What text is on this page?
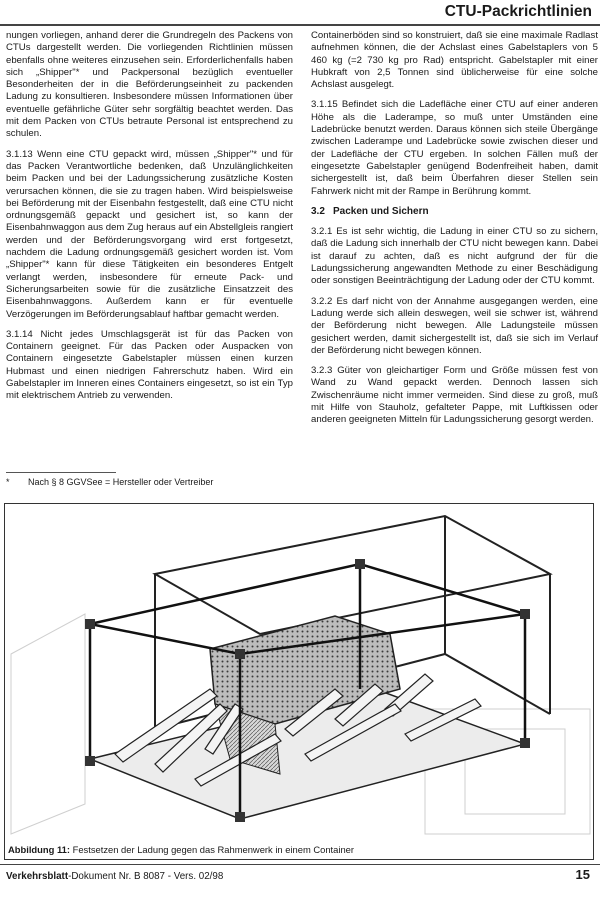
CTU-Packrichtlinien

nungen vorliegen, anhand derer die Grundregeln des Packens von CTUs dargestellt werden. Die vorliegenden Richtlinien müssen ebenfalls ohne weiteres einzusehen sein. Erforderlichenfalls haben sich „Shipper"* und Packpersonal bezüglich eventueller Besonderheiten der in die Beförderungseinheit zu packenden Ladung zu konsultieren. Insbesondere müssen Informationen über eventuelle gefährliche Güter sehr sorgfältig beachtet werden. Das mit dem Packen von CTUs betraute Personal ist entsprechend zu schulen.

3.1.13 Wenn eine CTU gepackt wird, müssen „Shipper"* und für das Packen Verantwortliche bedenken, daß Unzulänglichkeiten beim Packen und bei der Ladungssicherung zusätzliche Kosten verursachen können, die sie zu tragen haben. Wird beispielsweise bei Beförderung mit der Eisenbahn festgestellt, daß eine CTU nicht ordnungsgemäß gepackt und gesichert ist, so kann der Eisenbahnwaggon aus dem Zug heraus auf ein Abstellgleis rangiert werden und der Beförderungsvorgang wird erst fortgesetzt, nachdem die Ladung ordnungsgemäß gesichert worden ist. Vom „Shipper"* kann für diese Tätigkeiten ein besonderes Entgelt verlangt werden, insbesondere für erneute Pack- und Sicherungsarbeiten sowie für die zusätzliche Einsatzzeit des Eisenbahnwaggons. Außerdem kann er für eventuelle Verzögerungen im Beförderungsablauf haftbar gemacht werden.

3.1.14 Nicht jedes Umschlagsgerät ist für das Packen von Containern geeignet. Für das Packen oder Auspacken von Containern eingesetzte Gabelstapler müssen einen kurzen Hubmast und einen niedrigen Fahrerschutz haben. Wird ein Gabelstapler im Inneren eines Containers eingesetzt, so ist ein Typ mit elektrischem Antrieb zu verwenden.

* Nach § 8 GGVSee = Hersteller oder Vertreiber

Containerböden sind so konstruiert, daß sie eine maximale Radlast aufnehmen können, die der Achslast eines Gabelstaplers von 5 460 kg (=2 730 kg pro Rad) entspricht. Gabelstapler mit einer Hubkraft von 2,5 Tonnen sind üblicherweise für eine solche Achslast ausgelegt.

3.1.15 Befindet sich die Ladefläche einer CTU auf einer anderen Höhe als die Laderampe, so muß unter Umständen eine Ladebrücke benutzt werden. Daraus können sich steile Übergänge zwischen Laderampe und Ladebrücke sowie zwischen dieser und der Ladefläche der CTU ergeben. In solchen Fällen muß der eingesetzte Gabelstapler genügend Bodenfreiheit haben, damit sichergestellt ist, daß beim Überfahren dieser Stellen sein Fahrwerk nicht mit der Rampe in Berührung kommt.

3.2 Packen und Sichern

3.2.1 Es ist sehr wichtig, die Ladung in einer CTU so zu sichern, daß die Ladung sich innerhalb der CTU nicht bewegen kann. Dabei ist darauf zu achten, daß es nicht aufgrund der für die Ladungssicherung angewandten Methode zu einer Beschädigung oder sonstigen Beeinträchtigung der Ladung oder der CTU kommt.

3.2.2 Es darf nicht von der Annahme ausgegangen werden, eine Ladung werde sich allein deswegen, weil sie schwer ist, während der Beförderung nicht bewegen. Alle Ladungsteile müssen gesichert werden, damit sichergestellt ist, daß sie sich im Verlauf der Beförderung nicht bewegen können.

3.2.3 Güter von gleichartiger Form und Größe müssen fest von Wand zu Wand gepackt werden. Dennoch lassen sich Zwischenräume nicht immer vermeiden. Sind diese zu groß, muß mit Hilfe von Stauholz, gefalteter Pappe, mit Luftkissen oder anderen geeigneten Mitteln für Ladungssicherung gesorgt werden.

Abbildung 11: Festsetzen der Ladung gegen das Rahmenwerk in einem Container
Verkehrsblatt-Dokument Nr. B 8087 - Vers. 02/98	15
